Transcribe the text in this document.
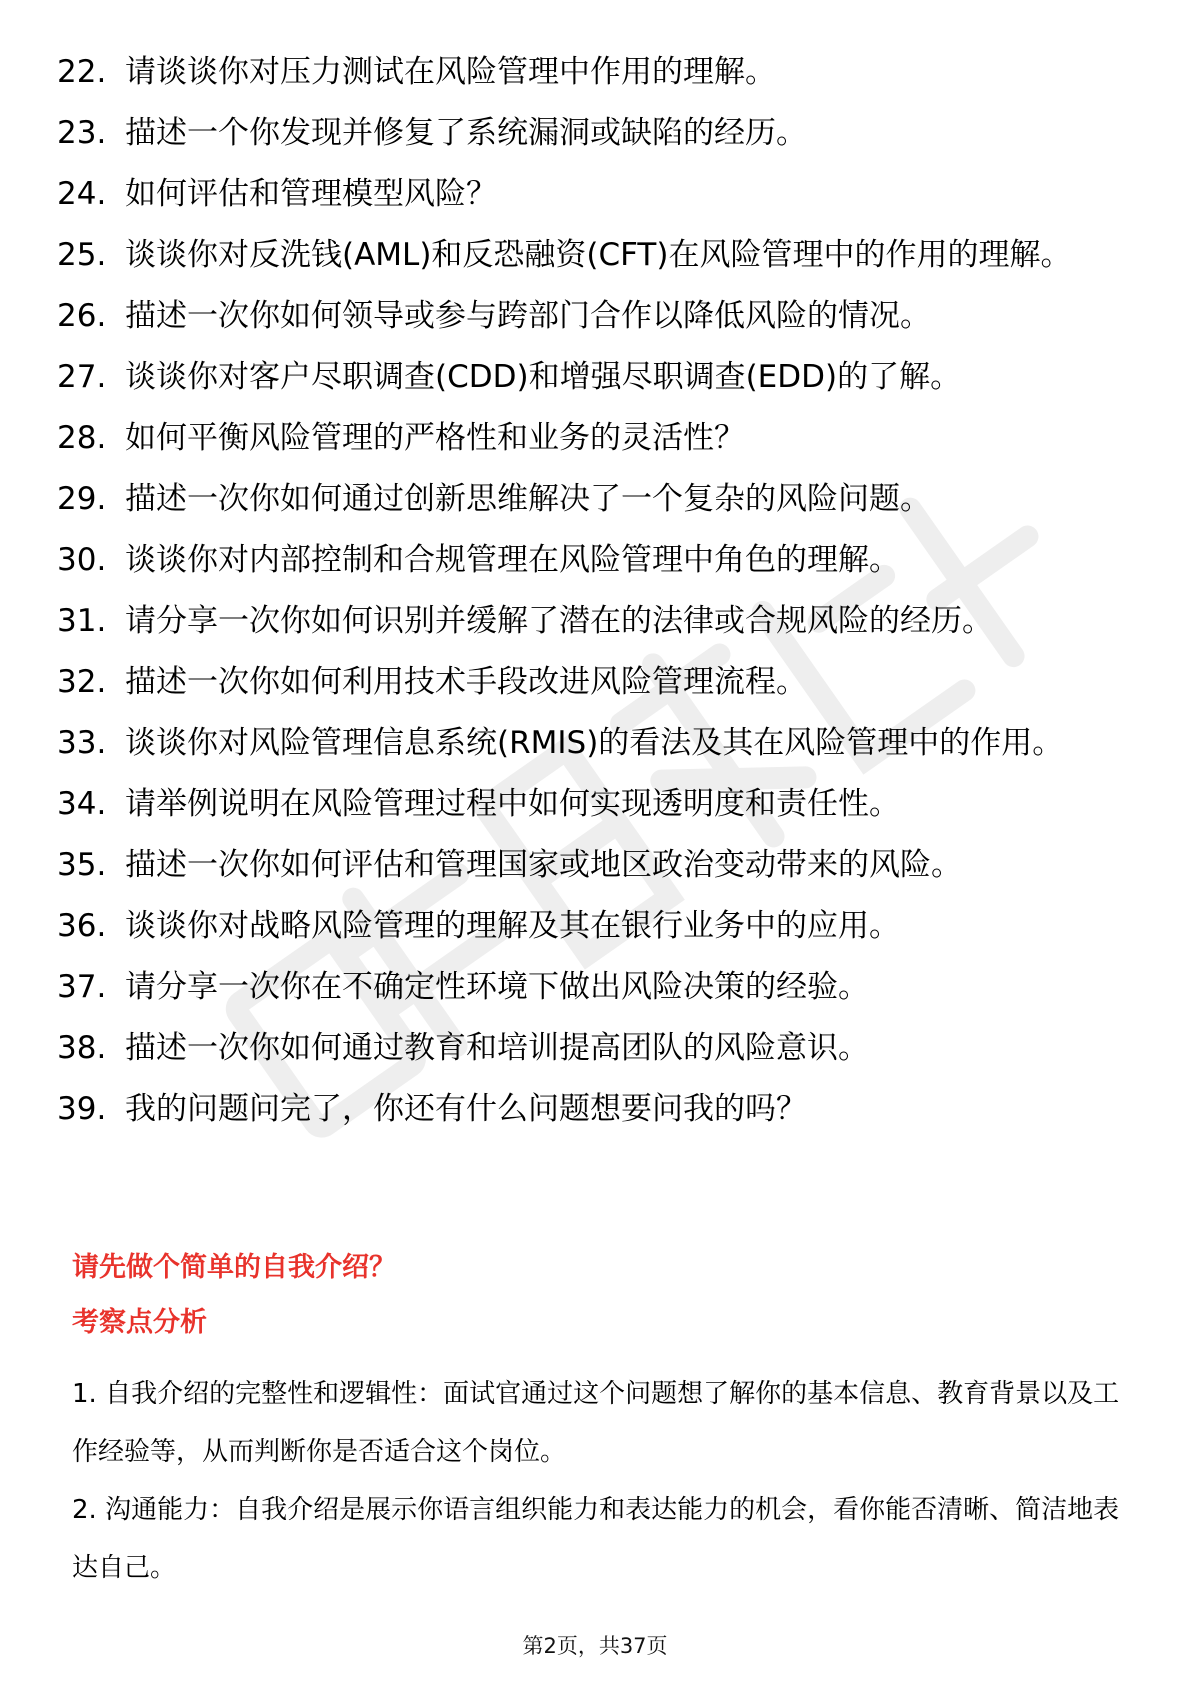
22. 请谈谈你对压力测试在风险管理中作用的理解。
23. 描述一个你发现并修复了系统漏洞或缺陷的经历。
24. 如何评估和管理模型风险？
25. 谈谈你对反洗钱(AML)和反恐融资(CFT)在风险管理中的作用的理解。
26. 描述一次你如何领导或参与跨部门合作以降低风险的情况。
27. 谈谈你对客户尽职调查(CDD)和增强尽职调查(EDD)的了解。
28. 如何平衡风险管理的严格性和业务的灵活性？
29. 描述一次你如何通过创新思维解决了一个复杂的风险问题。
30. 谈谈你对内部控制和合规管理在风险管理中角色的理解。
31. 请分享一次你如何识别并缓解了潜在的法律或合规风险的经历。
32. 描述一次你如何利用技术手段改进风险管理流程。
33. 谈谈你对风险管理信息系统(RMIS)的看法及其在风险管理中的作用。
34. 请举例说明在风险管理过程中如何实现透明度和责任性。
35. 描述一次你如何评估和管理国家或地区政治变动带来的风险。
36. 谈谈你对战略风险管理的理解及其在银行业务中的应用。
37. 请分享一次你在不确定性环境下做出风险决策的经验。
38. 描述一次你如何通过教育和培训提高团队的风险意识。
39. 我的问题问完了，你还有什么问题想要问我的吗？
请先做个简单的自我介绍？
考察点分析

1. 自我介绍的完整性和逻辑性：面试官通过这个问题想了解你的基本信息、教育背景以及工作经验等，从而判断你是否适合这个岗位。

2. 沟通能力：自我介绍是展示你语言组织能力和表达能力的机会，看你能否清晰、简洁地表达自己。

第2页，共37页
